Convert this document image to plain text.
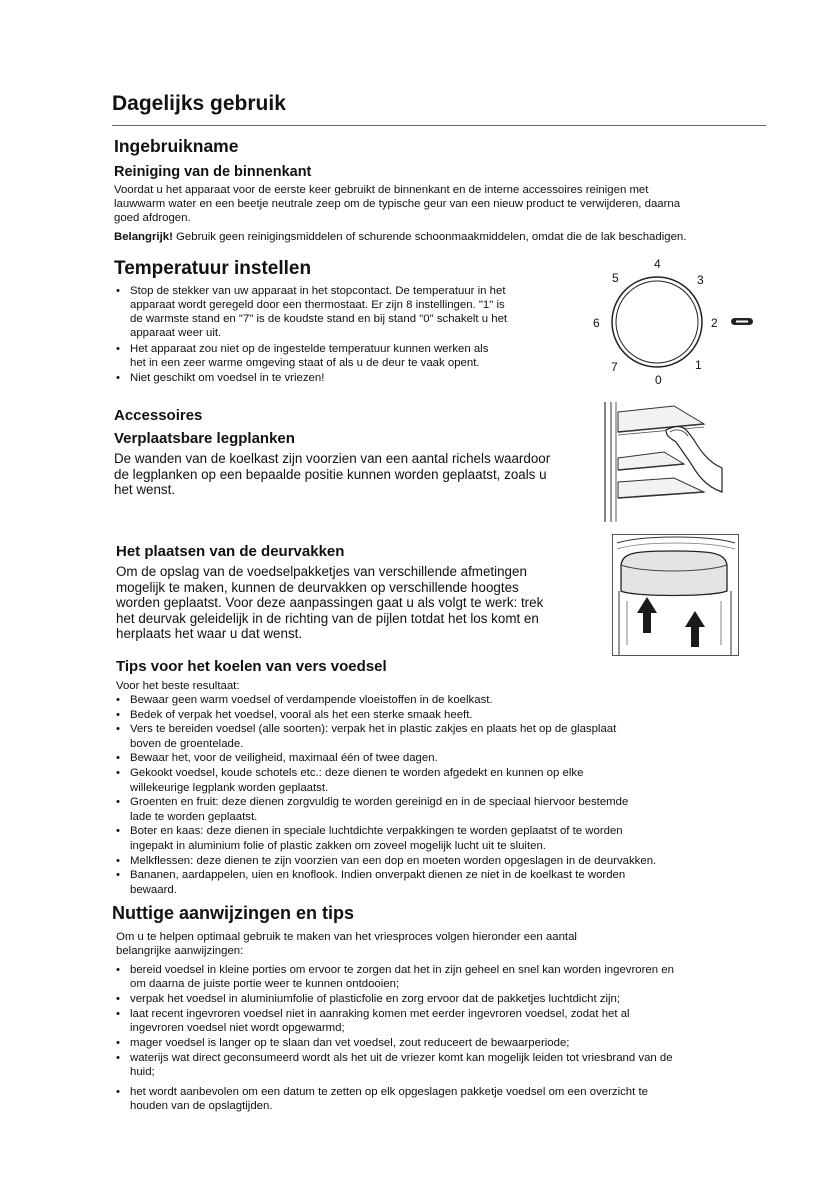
Dagelijks gebruik
Ingebruikname
Reiniging van de binnenkant
Voordat u het apparaat voor de eerste keer gebruikt de binnenkant en de interne accessoires reinigen met
lauwwarm water en een beetje neutrale zeep om de typische geur van een nieuw product te verwijderen, daarna
goed afdrogen.
Belangrijk! Gebruik geen reinigingsmiddelen of schurende schoonmaakmiddelen, omdat die de lak beschadigen.
Temperatuur instellen
• Stop de stekker van uw apparaat in het stopcontact. De temperatuur in het
apparaat wordt geregeld door een thermostaat. Er zijn 8 instellingen. "1" is
de warmste stand en "7" is de koudste stand en bij stand "0" schakelt u het
apparaat weer uit.
• Het apparaat zou niet op de ingestelde temperatuur kunnen werken als
het in een zeer warme omgeving staat of als u de deur te vaak opent.
• Niet geschikt om voedsel in te vriezen!	0
1
2
3
4
5
6
7
Accessoires
Verplaatsbare legplanken
De wanden van de koelkast zijn voorzien van een aantal richels waardoor
de legplanken op een bepaalde positie kunnen worden geplaatst, zoals u
het wenst.
Het plaatsen van de deurvakken
Om de opslag van de voedselpakketjes van verschillende afmetingen
mogelijk te maken, kunnen de deurvakken op verschillende hoogtes
worden geplaatst. Voor deze aanpassingen gaat u als volgt te werk: trek
het deurvak geleidelijk in de richting van de pijlen totdat het los komt en
herplaats het waar u dat wenst.
Tips voor het koelen van vers voedsel
Voor het beste resultaat:
• Bewaar geen warm voedsel of verdampende vloeistoffen in de koelkast.
• Bedek of verpak het voedsel, vooral als het een sterke smaak heeft.
• Vers te bereiden voedsel (alle soorten): verpak het in plastic zakjes en plaats het op de glasplaat
boven de groentelade.
• Bewaar het, voor de veiligheid, maximaal één of twee dagen.
• Gekookt voedsel, koude schotels etc.: deze dienen te worden afgedekt en kunnen op elke
willekeurige legplank worden geplaatst.
• Groenten en fruit: deze dienen zorgvuldig te worden gereinigd en in de speciaal hiervoor bestemde
lade te worden geplaatst.
• Boter en kaas: deze dienen in speciale luchtdichte verpakkingen te worden geplaatst of te worden
ingepakt in aluminium folie of plastic zakken om zoveel mogelijk lucht uit te sluiten.
• Melkflessen: deze dienen te zijn voorzien van een dop en moeten worden opgeslagen in de deurvakken.
• Bananen, aardappelen, uien en knoflook. Indien onverpakt dienen ze niet in de koelkast te worden
bewaard.
Nuttige aanwijzingen en tips
Om u te helpen optimaal gebruik te maken van het vriesproces volgen hieronder een aantal
belangrijke aanwijzingen:
• bereid voedsel in kleine porties om ervoor te zorgen dat het in zijn geheel en snel kan worden ingevroren en
om daarna de juiste portie weer te kunnen ontdooien;
• verpak het voedsel in aluminiumfolie of plasticfolie en zorg ervoor dat de pakketjes luchtdicht zijn;
• laat recent ingevroren voedsel niet in aanraking komen met eerder ingevroren voedsel, zodat het al
ingevroren voedsel niet wordt opgewarmd;
• mager voedsel is langer op te slaan dan vet voedsel, zout reduceert de bewaarperiode;
• waterijs wat direct geconsumeerd wordt als het uit de vriezer komt kan mogelijk leiden tot vriesbrand van de
huid;
• het wordt aanbevolen om een datum te zetten op elk opgeslagen pakketje voedsel om een overzicht te
houden van de opslagtijden.
